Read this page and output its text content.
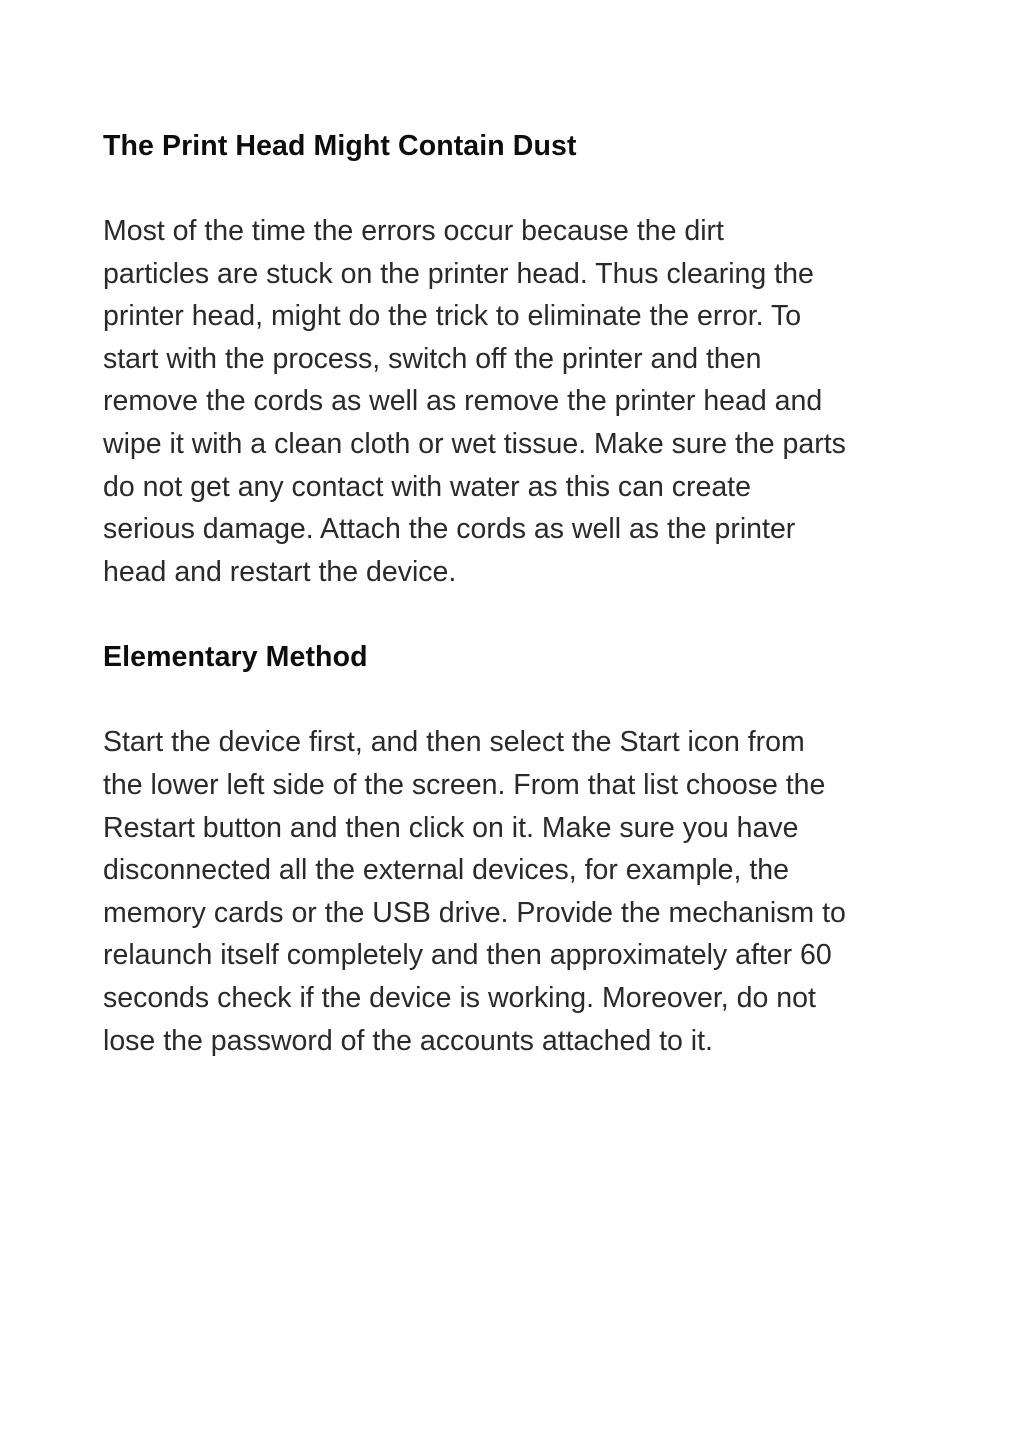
The Print Head Might Contain Dust

Most of the time the errors occur because the dirt
particles are stuck on the printer head. Thus clearing the
printer head, might do the trick to eliminate the error. To
start with the process, switch off the printer and then
remove the cords as well as remove the printer head and
wipe it with a clean cloth or wet tissue. Make sure the parts
do not get any contact with water as this can create
serious damage. Attach the cords as well as the printer
head and restart the device.

Elementary Method

Start the device first, and then select the Start icon from
the lower left side of the screen. From that list choose the
Restart button and then click on it. Make sure you have
disconnected all the external devices, for example, the
memory cards or the USB drive. Provide the mechanism to
relaunch itself completely and then approximately after 60
seconds check if the device is working. Moreover, do not
lose the password of the accounts attached to it.
